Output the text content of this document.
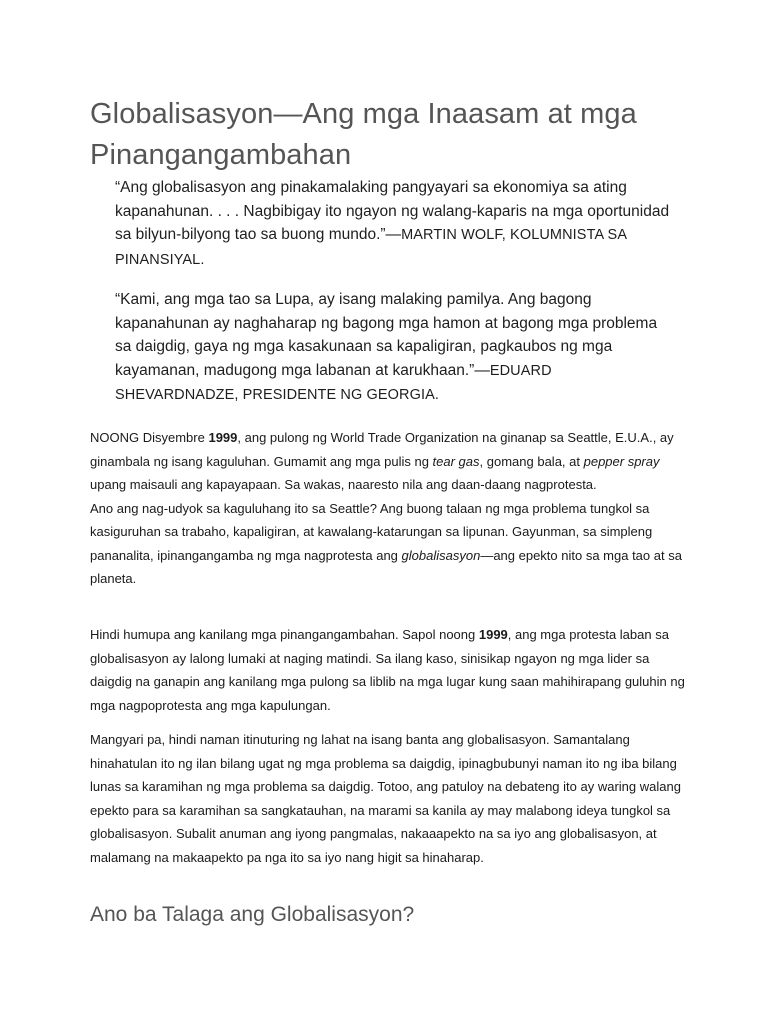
Globalisasyon—Ang mga Inaasam at mga Pinangangambahan

“Ang globalisasyon ang pinakamalaking pangyayari sa ekonomiya sa ating kapanahunan. . . . Nagbibigay ito ngayon ng walang-kaparis na mga oportunidad sa bilyun-bilyong tao sa buong mundo.”—MARTIN WOLF, KOLUMNISTA SA PINANSIYAL.

“Kami, ang mga tao sa Lupa, ay isang malaking pamilya. Ang bagong kapanahunan ay naghaharap ng bagong mga hamon at bagong mga problema sa daigdig, gaya ng mga kasakunaan sa kapaligiran, pagkaubos ng mga kayamanan, madugong mga labanan at karukhaan.”—EDUARD SHEVARDNADZE, PRESIDENTE NG GEORGIA.

NOONG Disyembre 1999, ang pulong ng World Trade Organization na ginanap sa Seattle, E.U.A., ay ginambala ng isang kaguluhan. Gumamit ang mga pulis ng tear gas, gomang bala, at pepper spray upang maisauli ang kapayapaan. Sa wakas, naaresto nila ang daan-daang nagprotesta.
Ano ang nag-udyok sa kaguluhang ito sa Seattle? Ang buong talaan ng mga problema tungkol sa kasiguruhan sa trabaho, kapaligiran, at kawalang-katarungan sa lipunan. Gayunman, sa simpleng pananalita, ipinangangamba ng mga nagprotesta ang globalisasyon—ang epekto nito sa mga tao at sa planeta.

Hindi humupa ang kanilang mga pinangangambahan. Sapol noong 1999, ang mga protesta laban sa globalisasyon ay lalong lumaki at naging matindi. Sa ilang kaso, sinisikap ngayon ng mga lider sa daigdig na ganapin ang kanilang mga pulong sa liblib na mga lugar kung saan mahihirapang guluhin ng mga nagpoprotesta ang mga kapulungan.

Mangyari pa, hindi naman itinuturing ng lahat na isang banta ang globalisasyon. Samantalang hinahatulan ito ng ilan bilang ugat ng mga problema sa daigdig, ipinagbubunyi naman ito ng iba bilang lunas sa karamihan ng mga problema sa daigdig. Totoo, ang patuloy na debateng ito ay waring walang epekto para sa karamihan sa sangkatauhan, na marami sa kanila ay may malabong ideya tungkol sa globalisasyon. Subalit anuman ang iyong pangmalas, nakaaapekto na sa iyo ang globalisasyon, at malamang na makaapekto pa nga ito sa iyo nang higit sa hinaharap.

Ano ba Talaga ang Globalisasyon?
